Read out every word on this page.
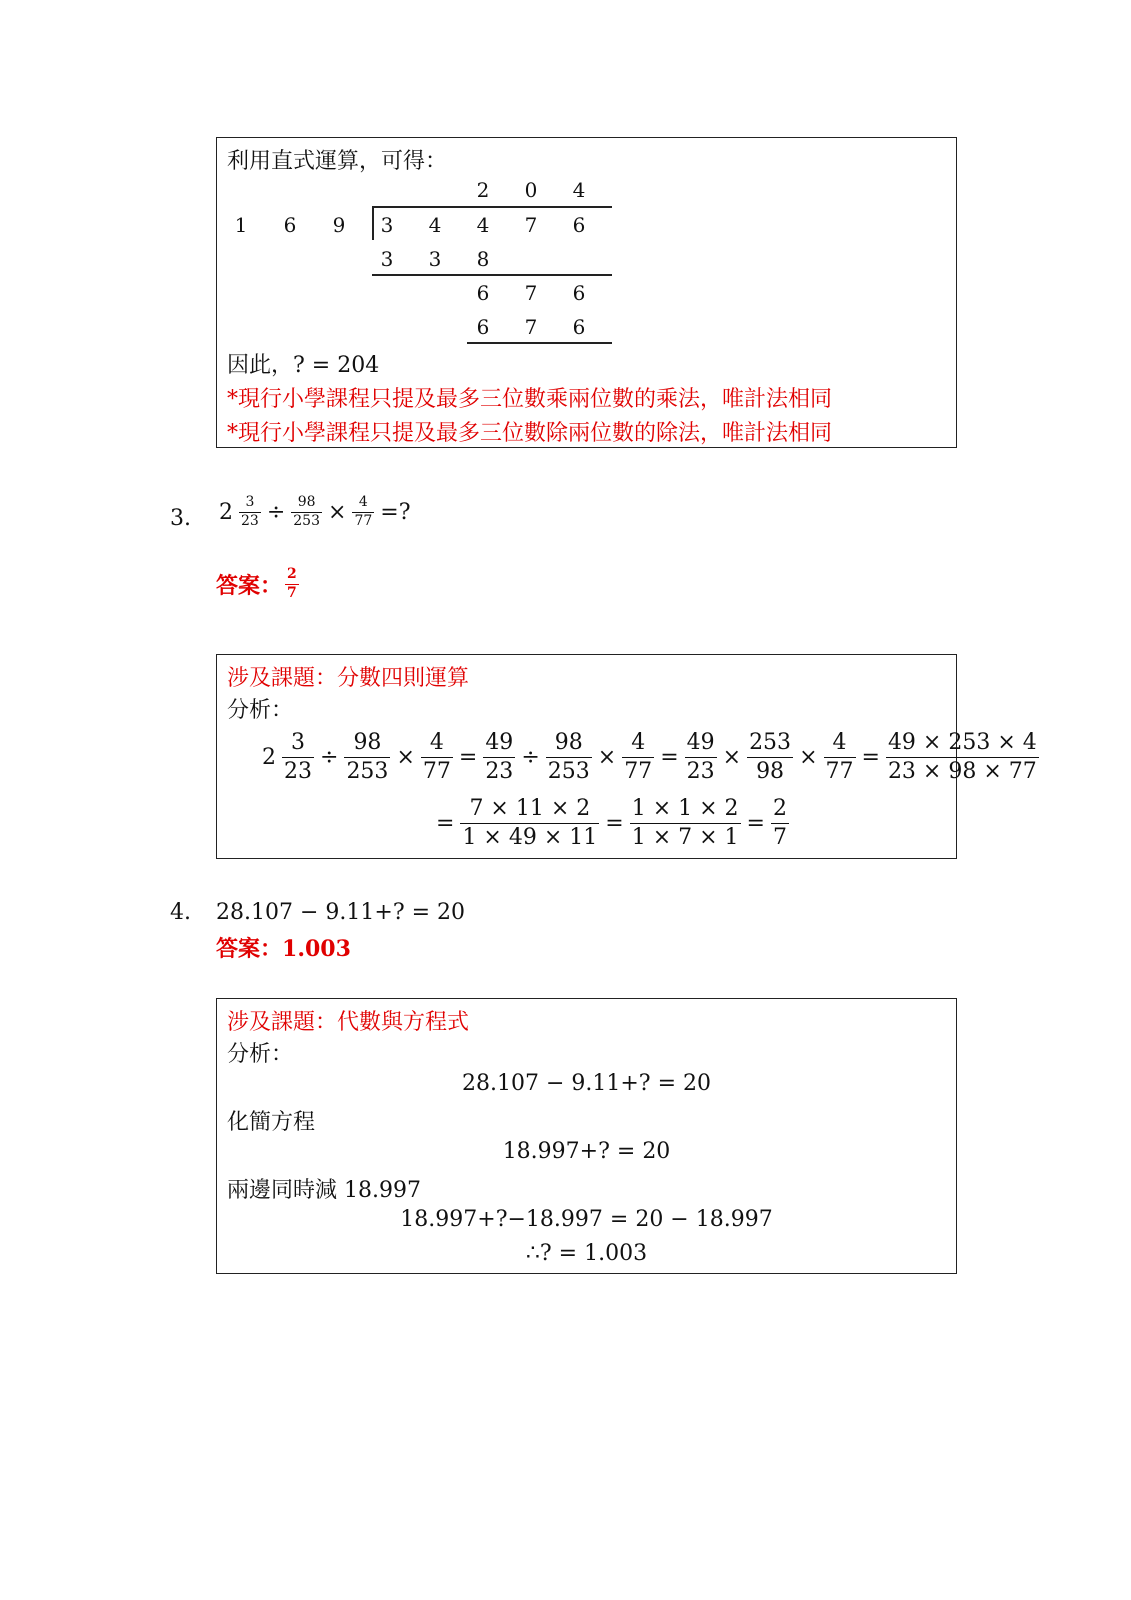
利用直式運算，可得：
2 0 4
1 6 9 3 4 4 7 6
3 3 8
6 7 6
6 7 6
因此，? = 204
*現行小學課程只提及最多三位數乘兩位數的乘法，唯計法相同
*現行小學課程只提及最多三位數除兩位數的除法，唯計法相同
3. $2 \frac{3}{23} \div \frac{98}{253} \times \frac{4}{77}$ =?
答案： $\frac{2}{7}$
涉及課題：分數四則運算
分析：
$2 \frac{3}{23} \div \frac{98}{253} \times \frac{4}{77} = \frac{49}{23} \div \frac{98}{253} \times \frac{4}{77} = \frac{49}{23} \times \frac{253}{98} \times \frac{4}{77} = \frac{49 \times 253 \times 4}{23 \times 98 \times 77}$
= $\frac{7 \times 11 \times 2}{1 \times 49 \times 11} = \frac{1 \times 1 \times 2}{1 \times 7 \times 1} = \frac{2}{7}$
4. 28.107 − 9.11+? = 20
答案：1.003
涉及課題：代數與方程式
分析：
28.107 − 9.11+? = 20
化簡方程
18.997+? = 20
兩邊同時減 18.997
18.997+?−18.997 = 20 − 18.997
∴? = 1.003
